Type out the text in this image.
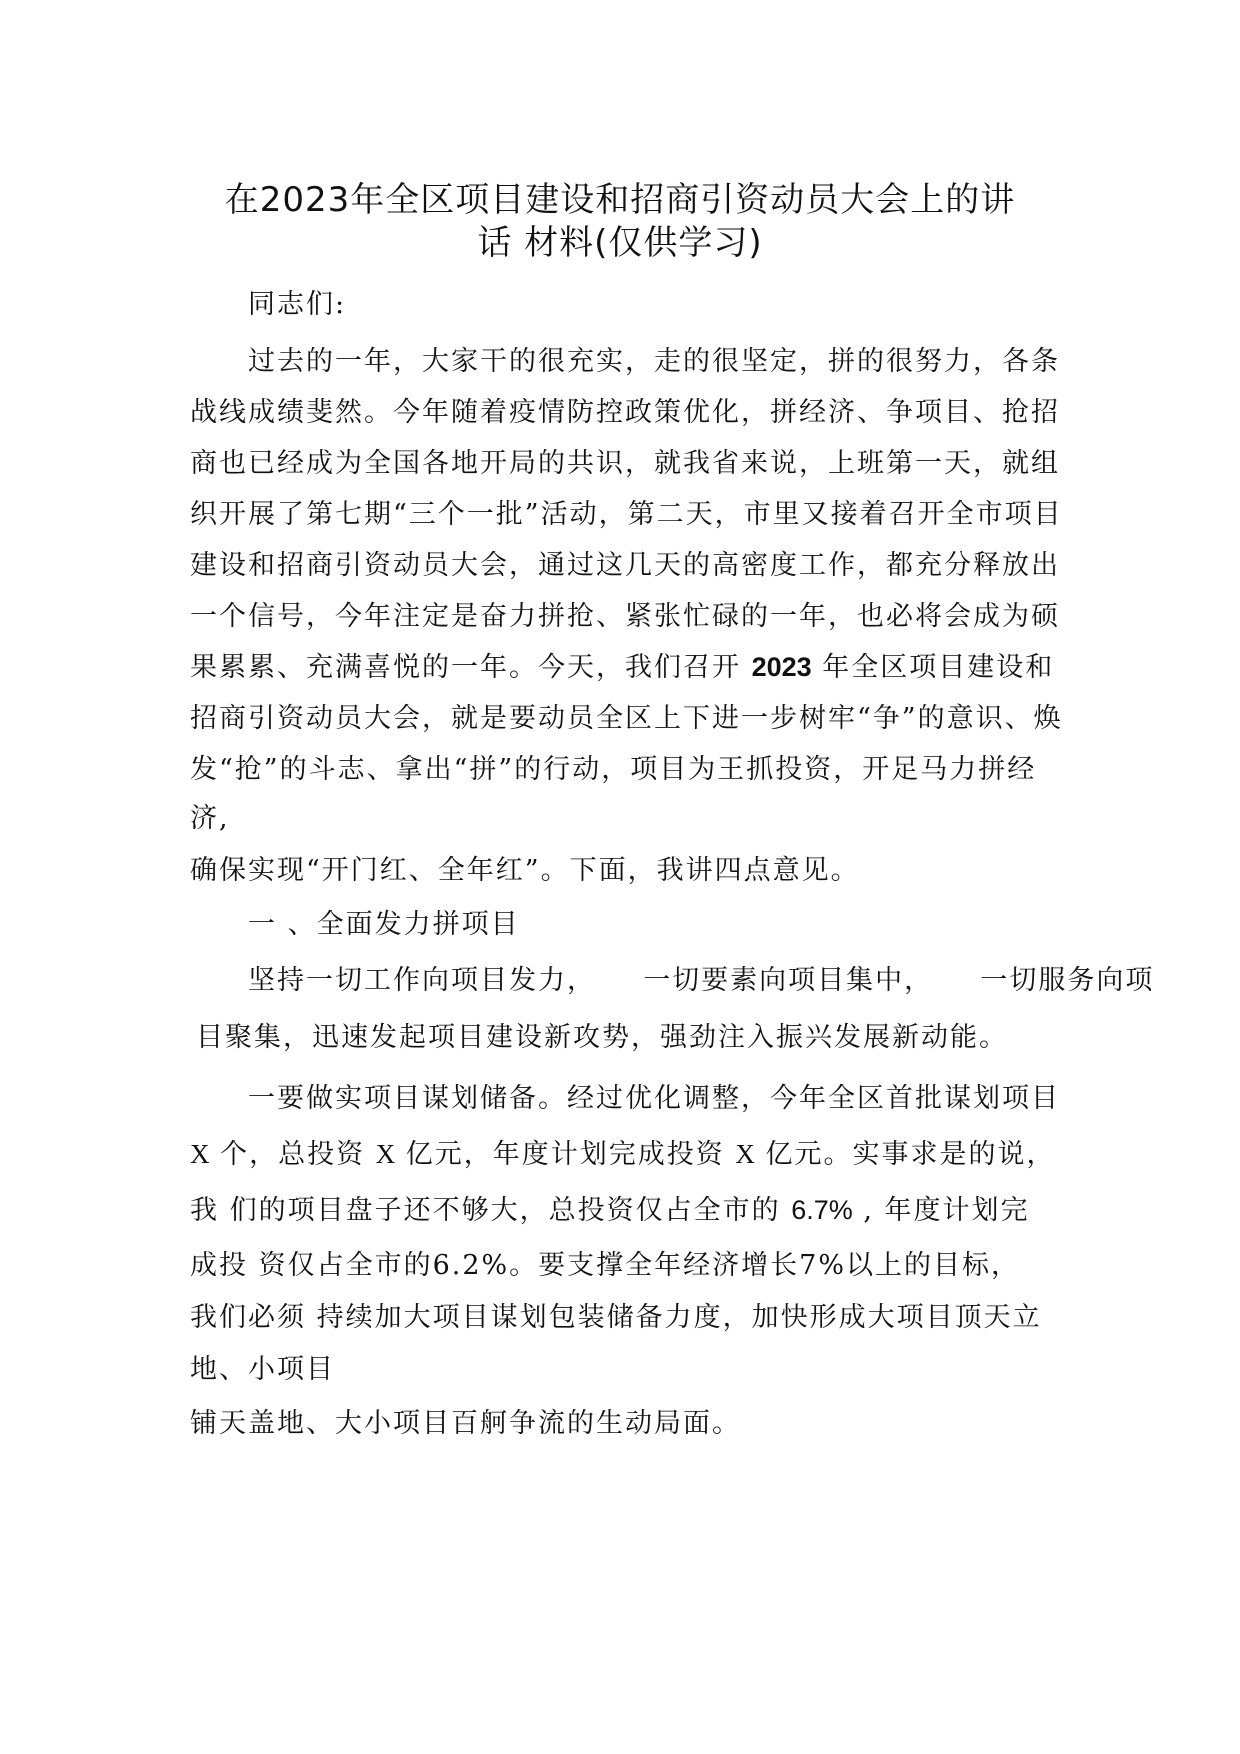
在2023年全区项目建设和招商引资动员大会上的讲
话 材料(仅供学习)
同志们:
过去的一年，大家干的很充实，走的很坚定，拼的很努力，各条
战线成绩斐然。今年随着疫情防控政策优化，拼经济、争项目、抢招
商也已经成为全国各地开局的共识，就我省来说，上班第一天，就组
织开展了第七期“三个一批”活动，第二天，市里又接着召开全市项目
建设和招商引资动员大会，通过这几天的高密度工作，都充分释放出
一个信号，今年注定是奋力拼抢、紧张忙碌的一年，也必将会成为硕
果累累、充满喜悦的一年。今天，我们召开 2023 年全区项目建设和
招商引资动员大会，就是要动员全区上下进一步树牢“争”的意识、焕
发“抢”的斗志、拿出“拼”的行动，项目为王抓投资，开足马力拼经
济,
确保实现“开门红、全年红”。下面，我讲四点意见。
一 、全面发力拼项目
坚持一切工作向项目发力， 一切要素向项目集中， 一切服务向项
目聚集，迅速发起项目建设新攻势，强劲注入振兴发展新动能。
一要做实项目谋划储备。经过优化调整，今年全区首批谋划项目
X 个，总投资 X 亿元，年度计划完成投资 X 亿元。实事求是的说，
我 们的项目盘子还不够大，总投资仅占全市的 6.7% , 年度计划完
成投 资仅占全市的6.2%。要支撑全年经济增长7%以上的目标，
我们必须 持续加大项目谋划包装储备力度，加快形成大项目顶天立
地、小项目
铺天盖地、大小项目百舸争流的生动局面。
